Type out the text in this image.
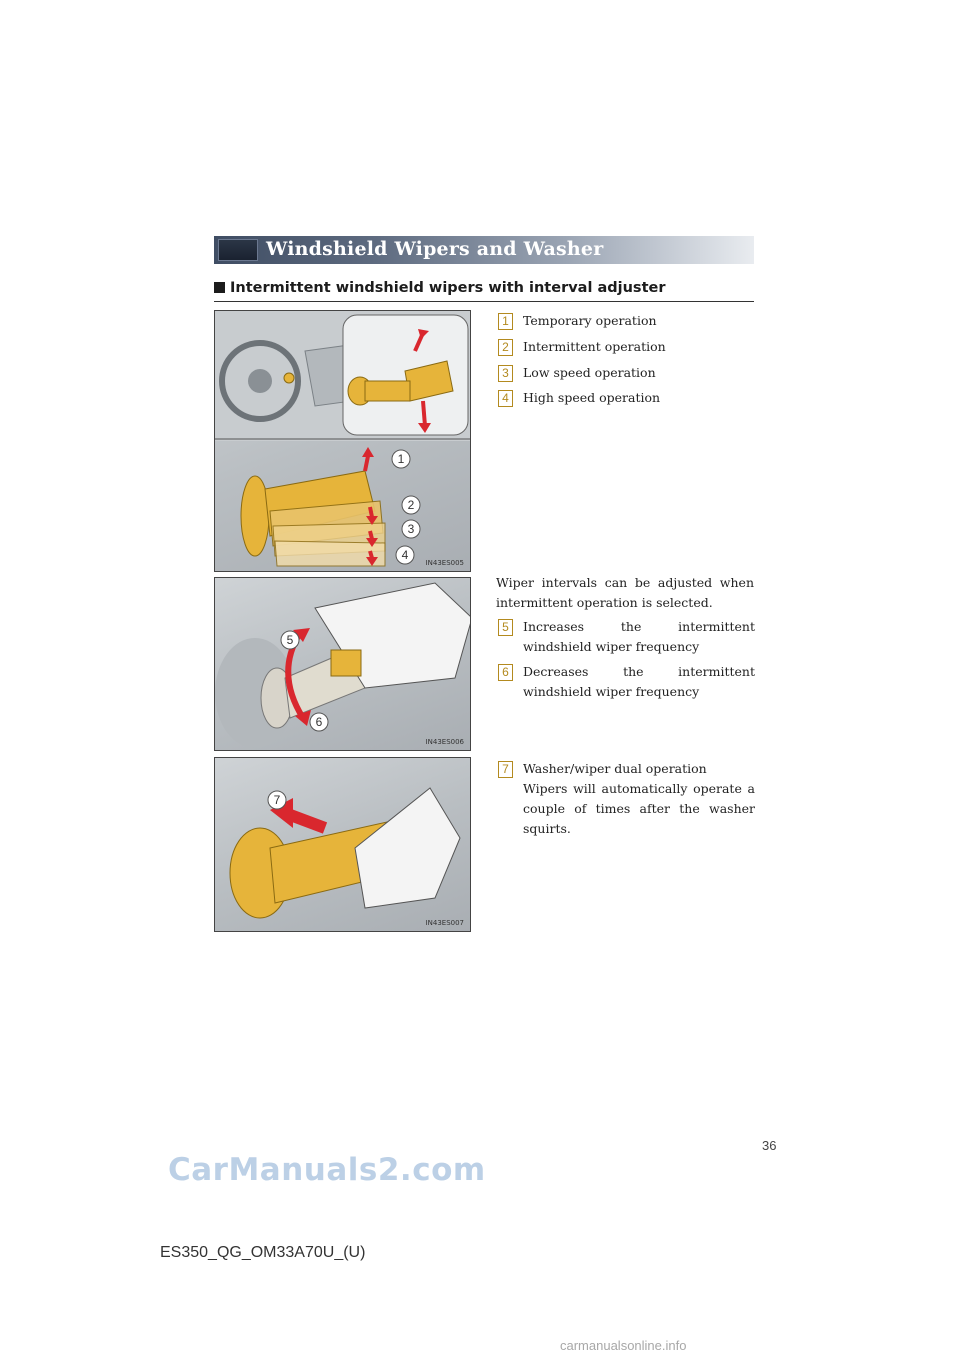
Windshield Wipers and Washer
Intermittent windshield wipers with interval adjuster
1
2
3
4
IN43ES005
5
6
IN43ES006
7
IN43ES007
1 Temporary operation
2 Intermittent operation
3 Low speed operation
4 High speed operation
Wiper intervals can be adjusted when intermittent operation is selected.
5	Increases the intermittent windshield wiper frequency
6	Decreases the intermittent windshield wiper frequency
7 Washer/wiper dual operation
Wipers will automatically operate a couple of times after the washer squirts.
36
CarManuals2.com
ES350_QG_OM33A70U_(U)
carmanualsonline.info
